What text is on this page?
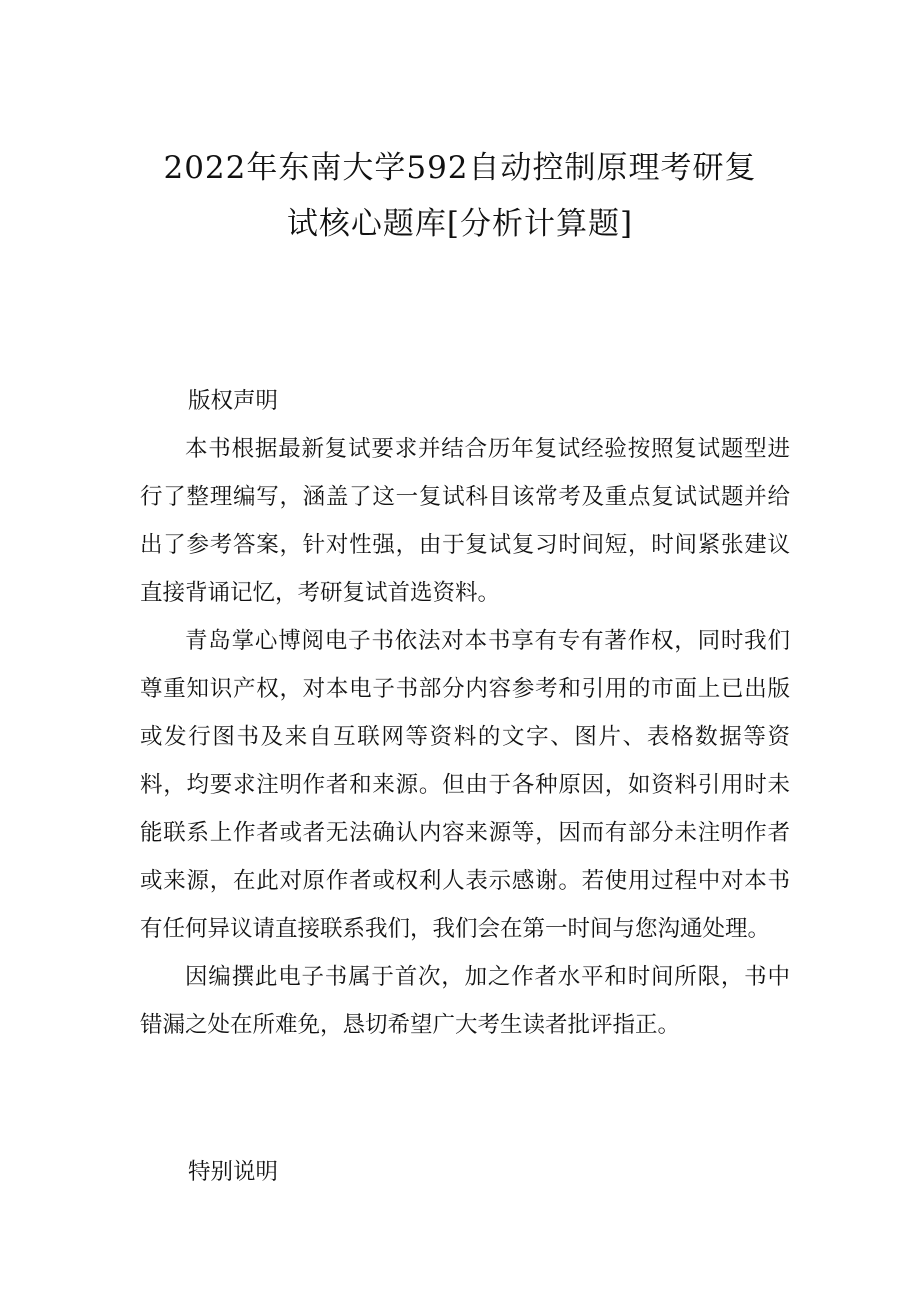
2022年东南大学592自动控制原理考研复
试核心题库[分析计算题]
版权声明

本书根据最新复试要求并结合历年复试经验按照复试题型进行了整理编写，涵盖了这一复试科目该常考及重点复试试题并给出了参考答案，针对性强，由于复试复习时间短，时间紧张建议直接背诵记忆，考研复试首选资料。

青岛掌心博阅电子书依法对本书享有专有著作权，同时我们尊重知识产权，对本电子书部分内容参考和引用的市面上已出版或发行图书及来自互联网等资料的文字、图片、表格数据等资料，均要求注明作者和来源。但由于各种原因，如资料引用时未能联系上作者或者无法确认内容来源等，因而有部分未注明作者或来源，在此对原作者或权利人表示感谢。若使用过程中对本书有任何异议请直接联系我们，我们会在第一时间与您沟通处理。

因编撰此电子书属于首次，加之作者水平和时间所限，书中错漏之处在所难免，恳切希望广大考生读者批评指正。

特别说明
